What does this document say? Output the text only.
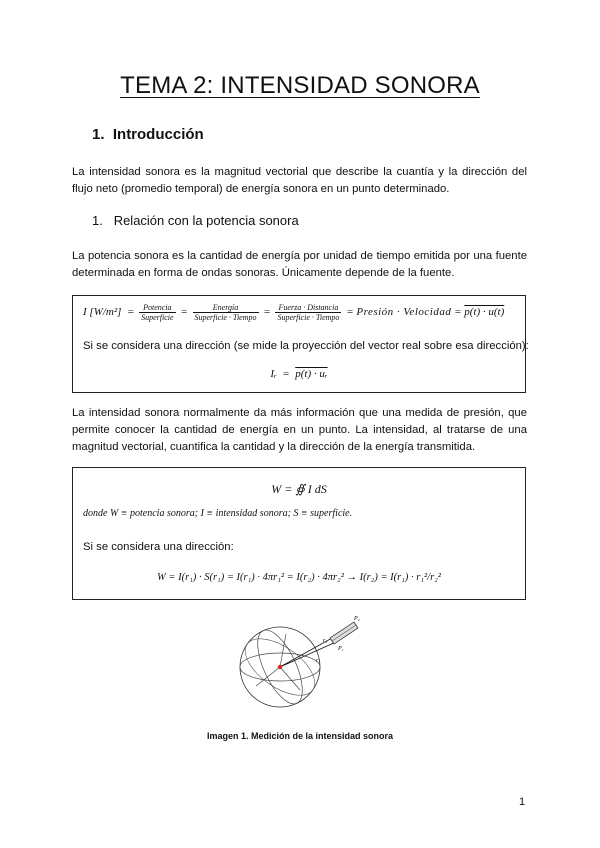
TEMA 2: INTENSIDAD SONORA
1. Introducción

La intensidad sonora es la magnitud vectorial que describe la cuantía y la dirección del flujo neto (promedio temporal) de energía sonora en un punto determinado.

1. Relación con la potencia sonora

La potencia sonora es la cantidad de energía por unidad de tiempo emitida por una fuente determinada en forma de ondas sonoras. Únicamente depende de la fuente.

I $[W/m^2] = \frac{\text{Potencia}}{\text{Superficie}} = \frac{\text{Energía}}{\text{Superficie · Tiempo}} = \frac{\text{Fuerza · Distancia}}{\text{Superficie · Tiempo}}$ = Presión · Velocidad = p(t) · u(t)
Si se considera una dirección (se mide la proyección del vector real sobre esa dirección):
Iᵣ  =  p(t) · uᵣ

La intensidad sonora normalmente da más información que una medida de presión, que permite conocer la cantidad de energía en un punto. La intensidad, al tratarse de una magnitud vectorial, cuantifica la cantidad y la dirección de la energía transmitida.

W = ∯ I dS
donde W ≡ potencia sonora; I ≡ intensidad sonora; S ≡ superficie.
Si se considera una dirección:
W = I(r₁) · S(r₁) = I(r₁) · 4πr₁² = I(r₂) · 4πr₂² → I(r₂) = I(r₁) · r₁²/r₂²
P₂
P₁
r₁
r₂
Imagen 1. Medición de la intensidad sonora
1
